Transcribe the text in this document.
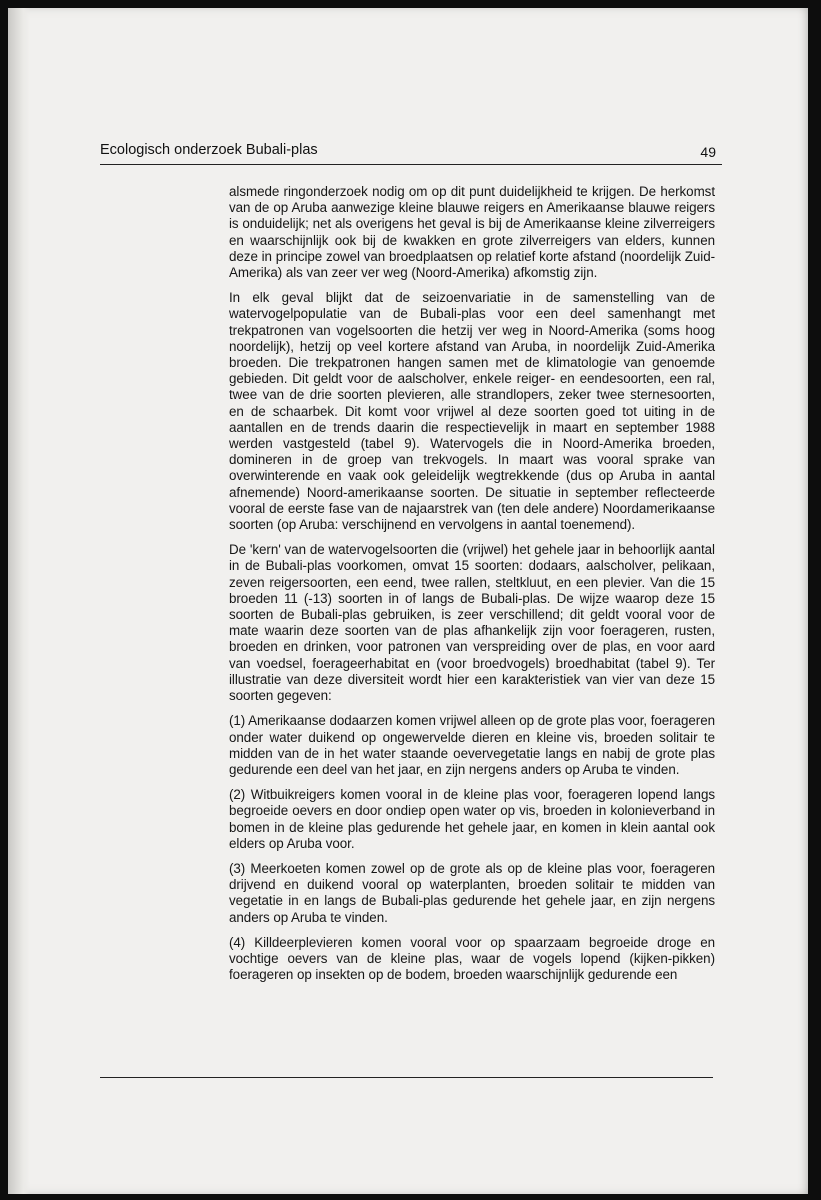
Ecologisch onderzoek Bubali-plas	49

alsmede ringonderzoek nodig om op dit punt duidelijkheid te krijgen. De herkomst van de op Aruba aanwezige kleine blauwe reigers en Amerikaanse blauwe reigers is onduidelijk; net als overigens het geval is bij de Amerikaanse kleine zilverreigers en waarschijnlijk ook bij de kwakken en grote zilverreigers van elders, kunnen deze in principe zowel van broedplaatsen op relatief korte afstand (noordelijk Zuid-Amerika) als van zeer ver weg (Noord-Amerika) afkomstig zijn.

In elk geval blijkt dat de seizoenvariatie in de samenstelling van de watervogelpopulatie van de Bubali-plas voor een deel samenhangt met trekpatronen van vogelsoorten die hetzij ver weg in Noord-Amerika (soms hoog noordelijk), hetzij op veel kortere afstand van Aruba, in noordelijk Zuid-Amerika broeden. Die trekpatronen hangen samen met de klimatologie van genoemde gebieden. Dit geldt voor de aalscholver, enkele reiger- en eendesoorten, een ral, twee van de drie soorten plevieren, alle strandlopers, zeker twee sternesoorten, en de schaarbek. Dit komt voor vrijwel al deze soorten goed tot uiting in de aantallen en de trends daarin die respectievelijk in maart en september 1988 werden vastgesteld (tabel 9). Watervogels die in Noord-Amerika broeden, domineren in de groep van trekvogels. In maart was vooral sprake van overwinterende en vaak ook geleidelijk wegtrekkende (dus op Aruba in aantal afnemende) Noord-amerikaanse soorten. De situatie in september reflecteerde vooral de eerste fase van de najaarstrek van (ten dele andere) Noordamerikaanse soorten (op Aruba: verschijnend en vervolgens in aantal toenemend).

De 'kern' van de watervogelsoorten die (vrijwel) het gehele jaar in behoorlijk aantal in de Bubali-plas voorkomen, omvat 15 soorten: dodaars, aalscholver, pelikaan, zeven reigersoorten, een eend, twee rallen, steltkluut, en een plevier. Van die 15 broeden 11 (-13) soorten in of langs de Bubali-plas. De wijze waarop deze 15 soorten de Bubali-plas gebruiken, is zeer verschillend; dit geldt vooral voor de mate waarin deze soorten van de plas afhankelijk zijn voor foerageren, rusten, broeden en drinken, voor patronen van verspreiding over de plas, en voor aard van voedsel, foerageerhabitat en (voor broedvogels) broedhabitat (tabel 9). Ter illustratie van deze diversiteit wordt hier een karakteristiek van vier van deze 15 soorten gegeven:

(1) Amerikaanse dodaarzen komen vrijwel alleen op de grote plas voor, foerageren onder water duikend op ongewervelde dieren en kleine vis, broeden solitair te midden van de in het water staande oevervegetatie langs en nabij de grote plas gedurende een deel van het jaar, en zijn nergens anders op Aruba te vinden.

(2) Witbuikreigers komen vooral in de kleine plas voor, foerageren lopend langs begroeide oevers en door ondiep open water op vis, broeden in kolonieverband in bomen in de kleine plas gedurende het gehele jaar, en komen in klein aantal ook elders op Aruba voor.

(3) Meerkoeten komen zowel op de grote als op de kleine plas voor, foerageren drijvend en duikend vooral op waterplanten, broeden solitair te midden van vegetatie in en langs de Bubali-plas gedurende het gehele jaar, en zijn nergens anders op Aruba te vinden.

(4) Killdeerplevieren komen vooral voor op spaarzaam begroeide droge en vochtige oevers van de kleine plas, waar de vogels lopend (kijken-pikken) foerageren op insekten op de bodem, broeden waarschijnlijk gedurende een
